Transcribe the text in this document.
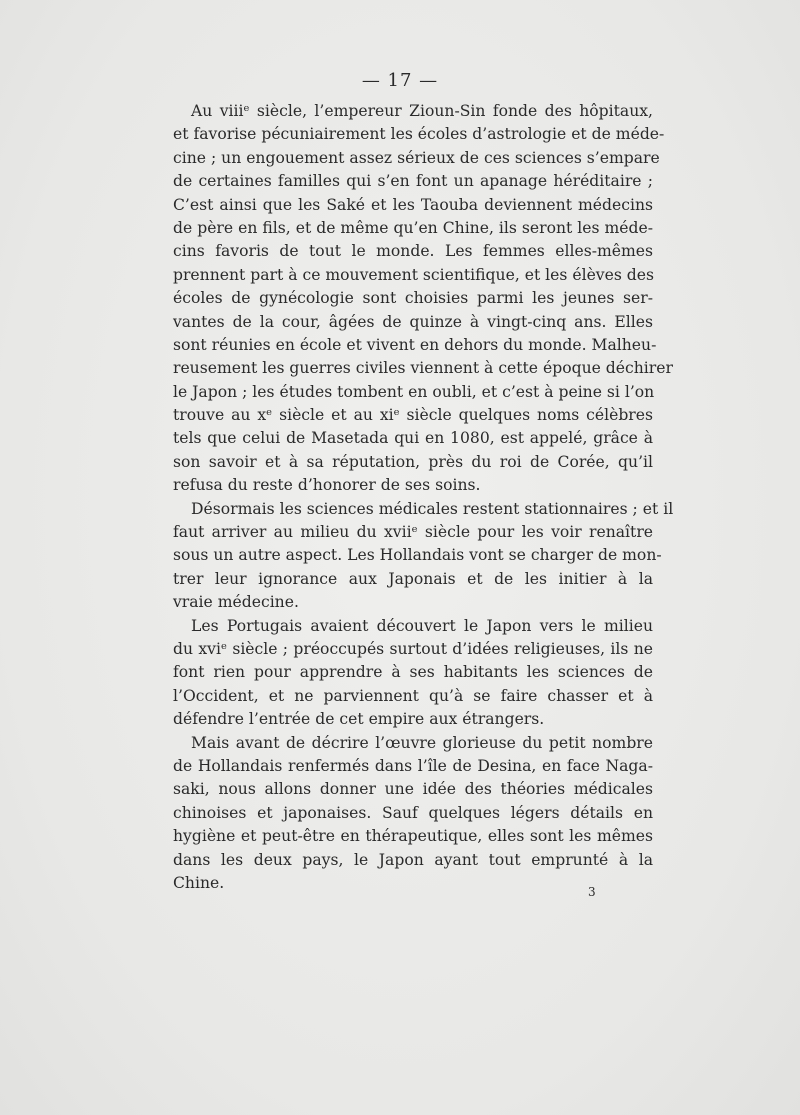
— 17 —
Au viiiᵉ siècle, l’empereur Zioun-Sin fonde des hôpitaux,
et favorise pécuniairement les écoles d’astrologie et de méde-
cine ; un engouement assez sérieux de ces sciences s’empare
de certaines familles qui s’en font un apanage héréditaire ;
C’est ainsi que les Saké et les Taouba deviennent médecins
de père en fils, et de même qu’en Chine, ils seront les méde-
cins favoris de tout le monde. Les femmes elles-mêmes
prennent part à ce mouvement scientifique, et les élèves des
écoles de gynécologie sont choisies parmi les jeunes ser-
vantes de la cour, âgées de quinze à vingt-cinq ans. Elles
sont réunies en école et vivent en dehors du monde. Malheu-
reusement les guerres civiles viennent à cette époque déchirer
le Japon ; les études tombent en oubli, et c’est à peine si l’on
trouve au xᵉ siècle et au xiᵉ siècle quelques noms célèbres
tels que celui de Masetada qui en 1080, est appelé, grâce à
son savoir et à sa réputation, près du roi de Corée, qu’il
refusa du reste d’honorer de ses soins.
Désormais les sciences médicales restent stationnaires ; et il
faut arriver au milieu du xviiᵉ siècle pour les voir renaître
sous un autre aspect. Les Hollandais vont se charger de mon-
trer leur ignorance aux Japonais et de les initier à la
vraie médecine.
Les Portugais avaient découvert le Japon vers le milieu
du xviᵉ siècle ; préoccupés surtout d’idées religieuses, ils ne
font rien pour apprendre à ses habitants les sciences de
l’Occident, et ne parviennent qu’à se faire chasser et à
défendre l’entrée de cet empire aux étrangers.
Mais avant de décrire l’œuvre glorieuse du petit nombre
de Hollandais renfermés dans l’île de Desina, en face Naga-
saki, nous allons donner une idée des théories médicales
chinoises et japonaises. Sauf quelques légers détails en
hygiène et peut-être en thérapeutique, elles sont les mêmes
dans les deux pays, le Japon ayant tout emprunté à la
Chine.
3
